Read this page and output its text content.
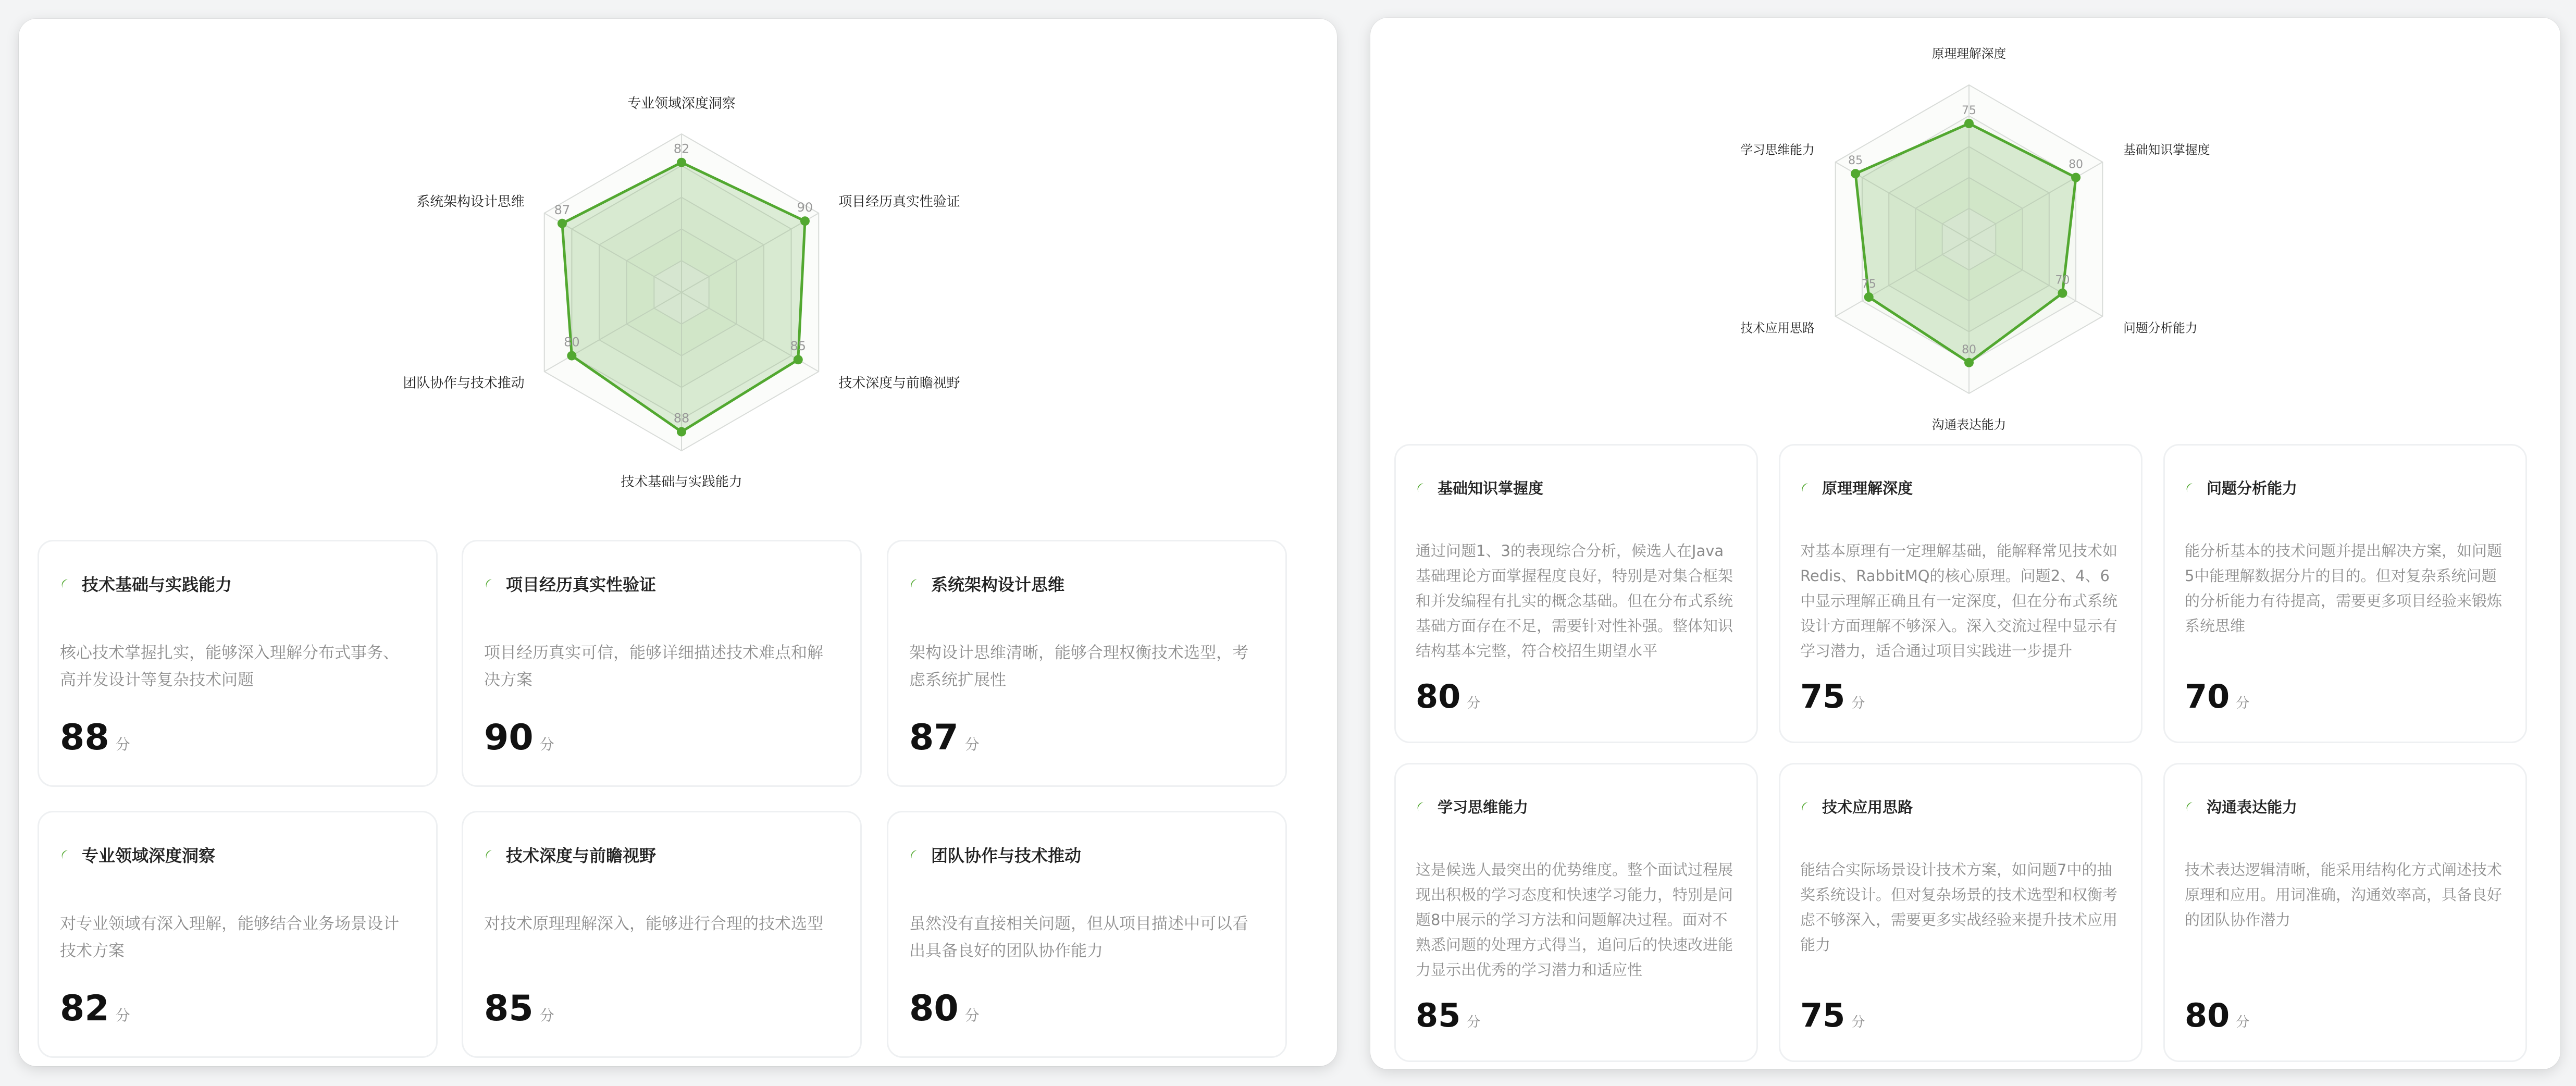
82
专业领域深度洞察
90 项目经历真实性验证
85
技术深度与前瞻视野
88
技术基础与实践能力
80
团队协作与技术推动
87
系统架构设计思维
技术基础与实践能力
核心技术掌握扎实，能够深入理解分布式事务、高并发设计等复杂技术问题
88 分
项目经历真实性验证
项目经历真实可信，能够详细描述技术难点和解决方案
90 分
系统架构设计思维
架构设计思维清晰，能够合理权衡技术选型，考虑系统扩展性
87 分
专业领域深度洞察
对专业领域有深入理解，能够结合业务场景设计技术方案
82 分
技术深度与前瞻视野
对技术原理理解深入，能够进行合理的技术选型
85 分
团队协作与技术推动
虽然没有直接相关问题，但从项目描述中可以看出具备良好的团队协作能力
80 分
75
原理理解深度
80
基础知识掌握度
70
问题分析能力
80
沟通表达能力
75
技术应用思路
85
学习思维能力
基础知识掌握度
通过问题1、3的表现综合分析，候选人在Java基础理论方面掌握程度良好，特别是对集合框架和并发编程有扎实的概念基础。但在分布式系统基础方面存在不足，需要针对性补强。整体知识结构基本完整，符合校招生期望水平
80 分
原理理解深度
对基本原理有一定理解基础，能解释常见技术如Redis、RabbitMQ的核心原理。问题2、4、6中显示理解正确且有一定深度，但在分布式系统设计方面理解不够深入。深入交流过程中显示有学习潜力，适合通过项目实践进一步提升
75 分
问题分析能力
能分析基本的技术问题并提出解决方案，如问题5中能理解数据分片的目的。但对复杂系统问题的分析能力有待提高，需要更多项目经验来锻炼系统思维
70 分
学习思维能力
这是候选人最突出的优势维度。整个面试过程展现出积极的学习态度和快速学习能力，特别是问题8中展示的学习方法和问题解决过程。面对不熟悉问题的处理方式得当，追问后的快速改进能力显示出优秀的学习潜力和适应性
85 分
技术应用思路
能结合实际场景设计技术方案，如问题7中的抽奖系统设计。但对复杂场景的技术选型和权衡考虑不够深入，需要更多实战经验来提升技术应用能力
75 分
沟通表达能力
技术表达逻辑清晰，能采用结构化方式阐述技术原理和应用。用词准确，沟通效率高，具备良好的团队协作潜力
80 分
